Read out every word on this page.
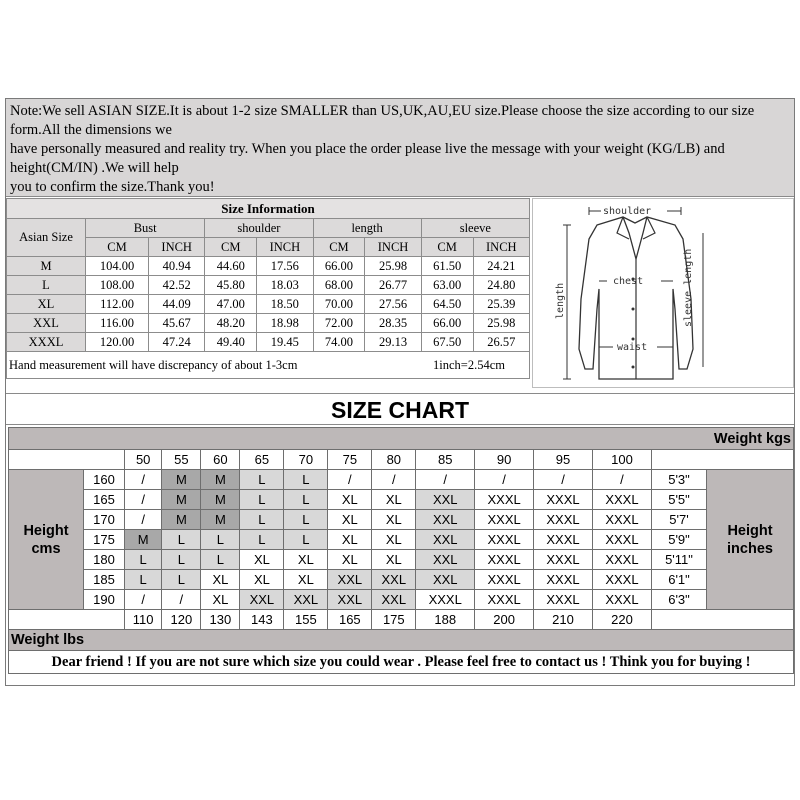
Note:We sell ASIAN SIZE.It is about 1-2 size SMALLER than US,UK,AU,EU size.Please choose the size according to our size
form.All the dimensions we
have personally measured and reality try. When you place the order please live the message with your weight (KG/LB) and
height(CM/IN) .We will help
you to confirm the size.Thank you!
Size Information								
Asian Size	Bust		shoulder		length		sleeve	
	CM	INCH	CM	INCH	CM	INCH	CM	INCH
M	104.00	40.94	44.60	17.56	66.00	25.98	61.50	24.21
L	108.00	42.52	45.80	18.03	68.00	26.77	63.00	24.80
XL	112.00	44.09	47.00	18.50	70.00	27.56	64.50	25.39
XXL	116.00	45.67	48.20	18.98	72.00	28.35	66.00	25.98
XXXL	120.00	47.24	49.40	19.45	74.00	29.13	67.50	26.57
Hand measurement will have discrepancy of about 1-3cm 1inch=2.54cm								
shoulder
chest
waist
length	sleeve length
SIZE CHART
Weight kgs														
		50	55	60	65	70	75	80	85	90	95	100		
Height cms	160	/	M	M	L	L	/	/	/	/	/	/	5'3"	Height inches
	165	/	M	M	L	L	XL	XL	XXL	XXXL	XXXL	XXXL	5'5"	
	170	/	M	M	L	L	XL	XL	XXL	XXXL	XXXL	XXXL	5'7'	
	175	M	L	L	L	L	XL	XL	XXL	XXXL	XXXL	XXXL	5'9"	
	180	L	L	L	XL	XL	XL	XL	XXL	XXXL	XXXL	XXXL	5'11"	
	185	L	L	XL	XL	XL	XXL	XXL	XXL	XXXL	XXXL	XXXL	6'1"	
	190	/	/	XL	XXL	XXL	XXL	XXL	XXXL	XXXL	XXXL	XXXL	6'3"	
		110	120	130	143	155	165	175	188	200	210	220		
Weight lbs														
Dear friend ! If you are not sure which size you could wear . Please feel free to contact us ! Think you for buying !														
